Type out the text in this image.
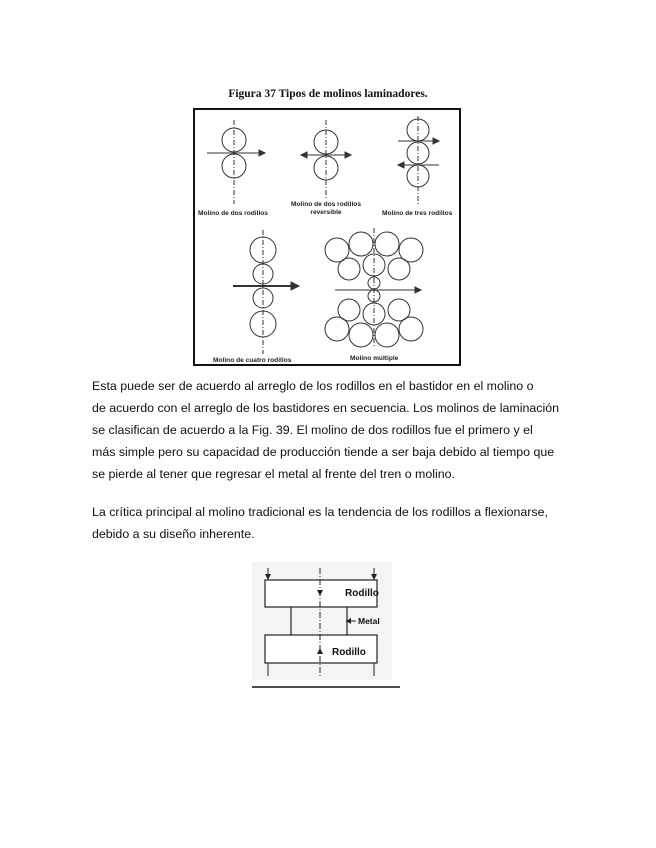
Figura 37 Tipos de molinos laminadores.
Molino de dos rodillos
Molino de dos rodillos
reversible	Molino de tres rodillos
Molino de cuatro rodillos	Molino múltiple

Esta puede ser de acuerdo al arreglo de los rodillos en el bastidor en el molino o
de acuerdo con el arreglo de los bastidores en secuencia. Los molinos de laminación
se clasifican de acuerdo a la Fig. 39. El molino de dos rodillos fue el primero y el
más simple pero su capacidad de producción tiende a ser baja debido al tiempo que
se pierde al tener que regresar el metal al frente del tren o molino.

La crítica principal al molino tradicional es la tendencia de los rodillos a flexionarse,
debido a su diseño inherente.

Rodillo
Metal
Rodillo
